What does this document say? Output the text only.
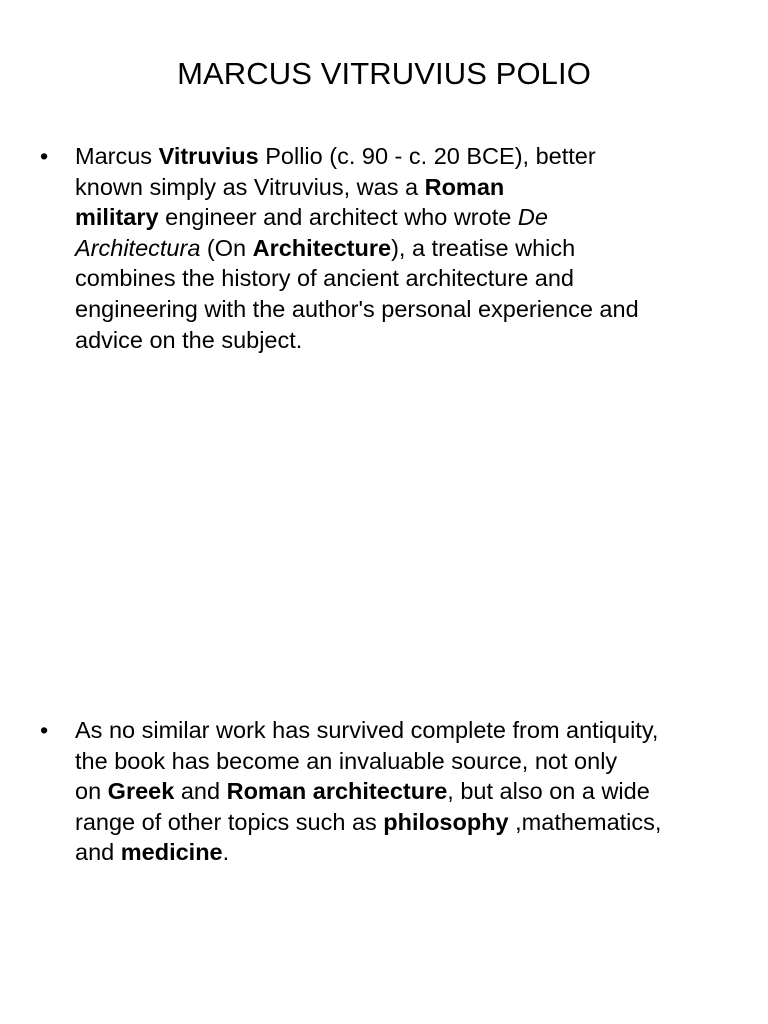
MARCUS VITRUVIUS POLIO
•	Marcus Vitruvius Pollio (c. 90 - c. 20 BCE), better
known simply as Vitruvius, was a Roman
military engineer and architect who wrote De
Architectura (On Architecture), a treatise which
combines the history of ancient architecture and
engineering with the author's personal experience and
advice on the subject.
•	As no similar work has survived complete from antiquity,
the book has become an invaluable source, not only
on Greek and Roman architecture, but also on a wide
range of other topics such as philosophy ,mathematics,
and medicine.
